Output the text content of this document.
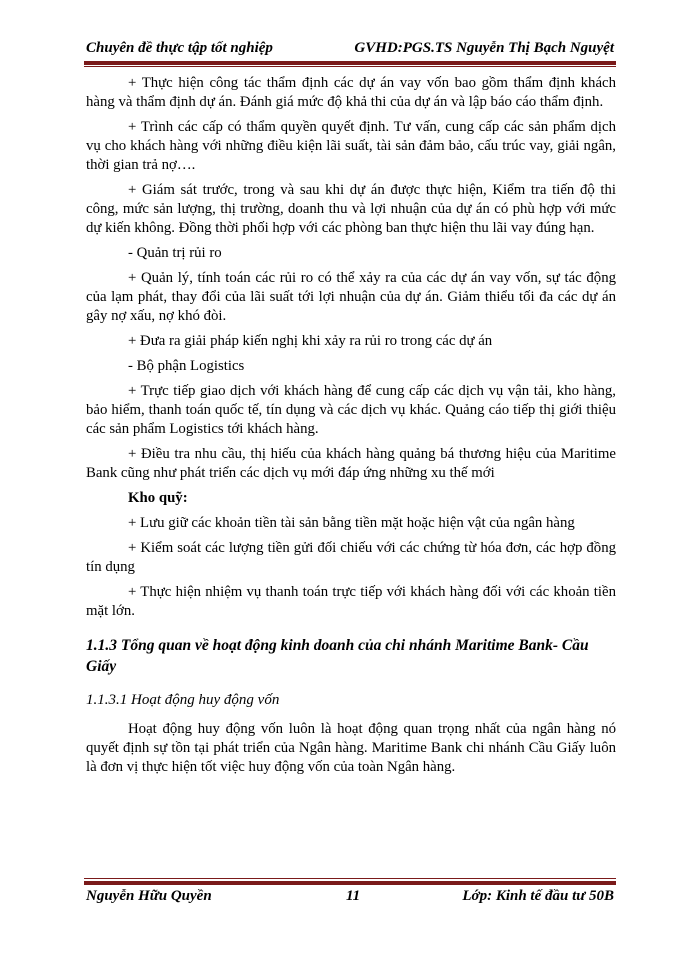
Chuyên đề thực tập tốt nghiệp	GVHD:PGS.TS Nguyễn Thị Bạch Nguyệt

+ Thực hiện công tác thẩm định các dự án vay vốn bao gồm thẩm định khách hàng và thẩm định dự án. Đánh giá mức độ khả thi của dự án và lập báo cáo thẩm định.

+ Trình các cấp có thẩm quyền quyết định. Tư vấn, cung cấp các sản phẩm dịch vụ cho khách hàng với những điều kiện lãi suất, tài sản đảm bảo, cấu trúc vay, giải ngân, thời gian trả nợ….

+ Giám sát trước, trong và sau khi dự án được thực hiện, Kiểm tra tiến độ thi công, mức sản lượng, thị trường, doanh thu và lợi nhuận của dự án có phù hợp với mức dự kiến không. Đồng thời phối hợp với các phòng ban thực hiện thu lãi vay đúng hạn.

- Quản trị rủi ro

+ Quản lý, tính toán các rủi ro có thể xảy ra của các dự án vay vốn, sự tác động của lạm phát, thay đổi của lãi suất tới lợi nhuận của dự án. Giảm thiểu tối đa các dự án gây nợ xấu, nợ khó đòi.

+ Đưa ra giải pháp kiến nghị khi xảy ra rủi ro trong các dự án

- Bộ phận Logistics

+ Trực tiếp giao dịch với khách hàng để cung cấp các dịch vụ vận tải, kho hàng, bảo hiểm, thanh toán quốc tế, tín dụng và các dịch vụ khác. Quảng cáo tiếp thị giới thiệu các sản phẩm Logistics tới khách hàng.

+ Điều tra nhu cầu, thị hiếu của khách hàng quảng bá thương hiệu của Maritime Bank cũng như phát triển các dịch vụ mới đáp ứng những xu thế mới

Kho quỹ:

+ Lưu giữ các khoản tiền tài sản bằng tiền mặt hoặc hiện vật của ngân hàng

+ Kiểm soát các lượng tiền gửi đối chiếu với các chứng từ hóa đơn, các hợp đồng tín dụng

+ Thực hiện nhiệm vụ thanh toán trực tiếp với khách hàng đối với các khoản tiền mặt lớn.

1.1.3 Tổng quan về hoạt động kinh doanh của chi nhánh Maritime Bank- Cầu Giấy
1.1.3.1 Hoạt động huy động vốn

Hoạt động huy động vốn luôn là hoạt động quan trọng nhất của ngân hàng nó quyết định sự tồn tại phát triển của Ngân hàng. Maritime Bank chi nhánh Cầu Giấy luôn là đơn vị thực hiện tốt việc huy động vốn của toàn Ngân hàng.

Nguyễn Hữu Quyền	11	Lớp: Kinh tế đầu tư 50B
